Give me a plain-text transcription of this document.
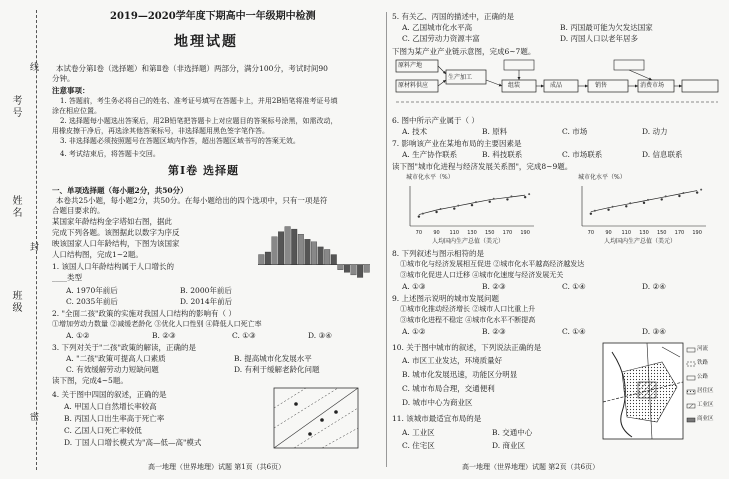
考号
姓名
班级
线
封
密
2019—2020学年度下期高中一年级期中检测
地理试题
本试卷分第Ⅰ卷（选择题）和第Ⅱ卷（非选择题）两部分，满分100分，考试时间90
分钟。
注意事项：
1. 答题前，考生务必将自己的姓名、准考证号填写在答题卡上，并用2B铅笔将准考证号填
涂在相应位置。
2. 选择题每小题选出答案后，用2B铅笔把答题卡上对应题目的答案标号涂黑，如需改动，
用橡皮擦干净后，再选涂其他答案标号，非选择题用黑色签字笔作答。
3. 非选择题必须按照题号在答题区域内作答，超出答题区域书写的答案无效。
4. 考试结束后，将答题卡交回。
第Ⅰ卷 选择题
一、单项选择题（每小题2分，共50分）
本卷共25小题，每小题2分，共50分。在每小题给出的四个选项中，只有一项是符
合题目要求的。
某国家年龄结构金字塔如右图，据此
完成下列各题。该图据此以数字为序反
映该国家人口年龄结构，下图为该国家
人口结构图，完成1~2题。
1. 该国人口年龄结构属于人口增长的
____类型
A. 1970年前后	B. 2000年前后
C. 2035年前后	D. 2014年前后
2. "全面二孩"政策的实施对我国人口结构的影响有（ ）
①增加劳动力数量 ②减缓老龄化 ③优化人口性别 ④降低人口死亡率
A. ①②	B. ②③	C. ①③	D. ③④
3. 下列对关于"二孩"政策的解读，正确的是
A. "二孩"政策可提高人口素质	B. 提高城市化发展水平
C. 有效缓解劳动力短缺问题	D. 有利于缓解老龄化问题
读下图，完成4~5题。
4. 关于图中四国的叙述，正确的是
A. 甲国人口自然增长率较高
B. 丙国人口出生率高于死亡率
C. 乙国人口死亡率较低
D. 丁国人口增长模式为"高—低—高"模式
高一地理（世界地理）试题 第1页（共6页）
5. 有关乙、丙国的描述中，正确的是
A. 乙国城市化水平高	B. 丙国最可能为欠发达国家
C. 乙国劳动力资源丰富	D. 丙国人口以老年居多
下图为某产业产业链示意图，完成6~7题。
原料产地
原材料供应
生产加工
组装	成品	销售	消费市场
6. 图中所示产业属于（ ）
A. 技术	B. 原料	C. 市场	D. 动力
7. 影响该产业在某地布局的主要因素是
A. 生产协作联系	B. 科技联系	C. 市场联系	D. 信息联系
读下图"城市化进程与经济发展关系图"，完成8~9题。
城市化水平（%）
70 90 110 130 150 170 190
人均国内生产总值（美元）
城市化水平（%）
70 90 110 130 150 170 190
人均国内生产总值（美元）
8. 下列叙述与图示相符的是
①城市化与经济发展相互促进 ②城市化水平越高经济越发达
③城市化促进人口迁移 ④城市化速度与经济发展无关
A. ①③	B. ②③	C. ①④	D. ②④
9. 上述图示说明的城市发展问题
①城市化推动经济增长 ②城市人口比重上升
③城市化进程不稳定 ④城市化水平不断提高
A. ①②	B. ②③	C. ①④	D. ③④
10. 关于图中城市的叙述，下列说法正确的是
A. 市区工业发达，环境质量好
B. 城市化发展迅速，功能区分明显
C. 城市布局合理，交通便利
D. 城市中心为商业区
11. 该城市最适宜布局的是
A. 工业区	B. 交通中心
C. 住宅区	D. 商业区
河流
铁路
公路
居住区
工业区
商业区
高一地理（世界地理）试题 第2页（共6页）
